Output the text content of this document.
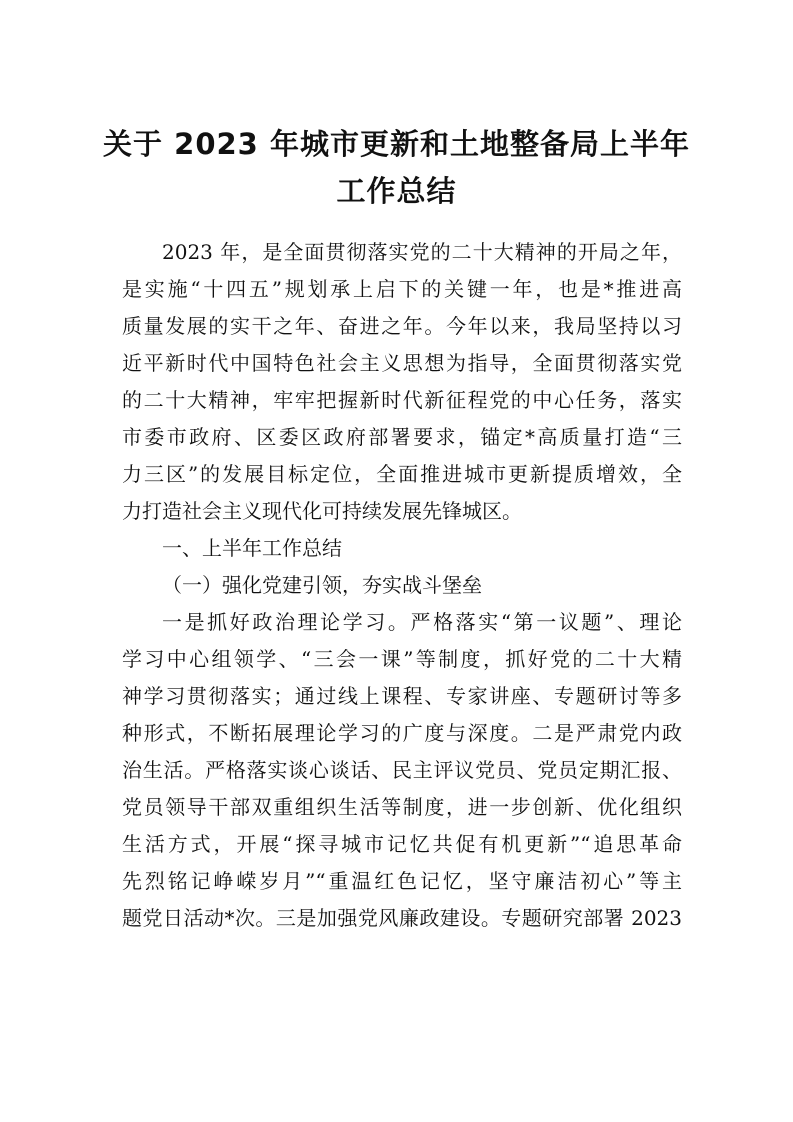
关于 2023 年城市更新和土地整备局上半年
工作总结
2023 年，是全面贯彻落实党的二十大精神的开局之年，
是实施“十四五”规划承上启下的关键一年，也是*推进高
质量发展的实干之年、奋进之年。今年以来，我局坚持以习
近平新时代中国特色社会主义思想为指导，全面贯彻落实党
的二十大精神，牢牢把握新时代新征程党的中心任务，落实
市委市政府、区委区政府部署要求，锚定*高质量打造“三
力三区”的发展目标定位，全面推进城市更新提质增效，全
力打造社会主义现代化可持续发展先锋城区。
一、上半年工作总结
（一）强化党建引领，夯实战斗堡垒
一是抓好政治理论学习。严格落实“第一议题”、理论
学习中心组领学、“三会一课”等制度，抓好党的二十大精
神学习贯彻落实；通过线上课程、专家讲座、专题研讨等多
种形式，不断拓展理论学习的广度与深度。二是严肃党内政
治生活。严格落实谈心谈话、民主评议党员、党员定期汇报、
党员领导干部双重组织生活等制度，进一步创新、优化组织
生活方式，开展“探寻城市记忆共促有机更新”“追思革命
先烈铭记峥嵘岁月”“重温红色记忆，坚守廉洁初心”等主
题党日活动*次。三是加强党风廉政建设。专题研究部署 2023
